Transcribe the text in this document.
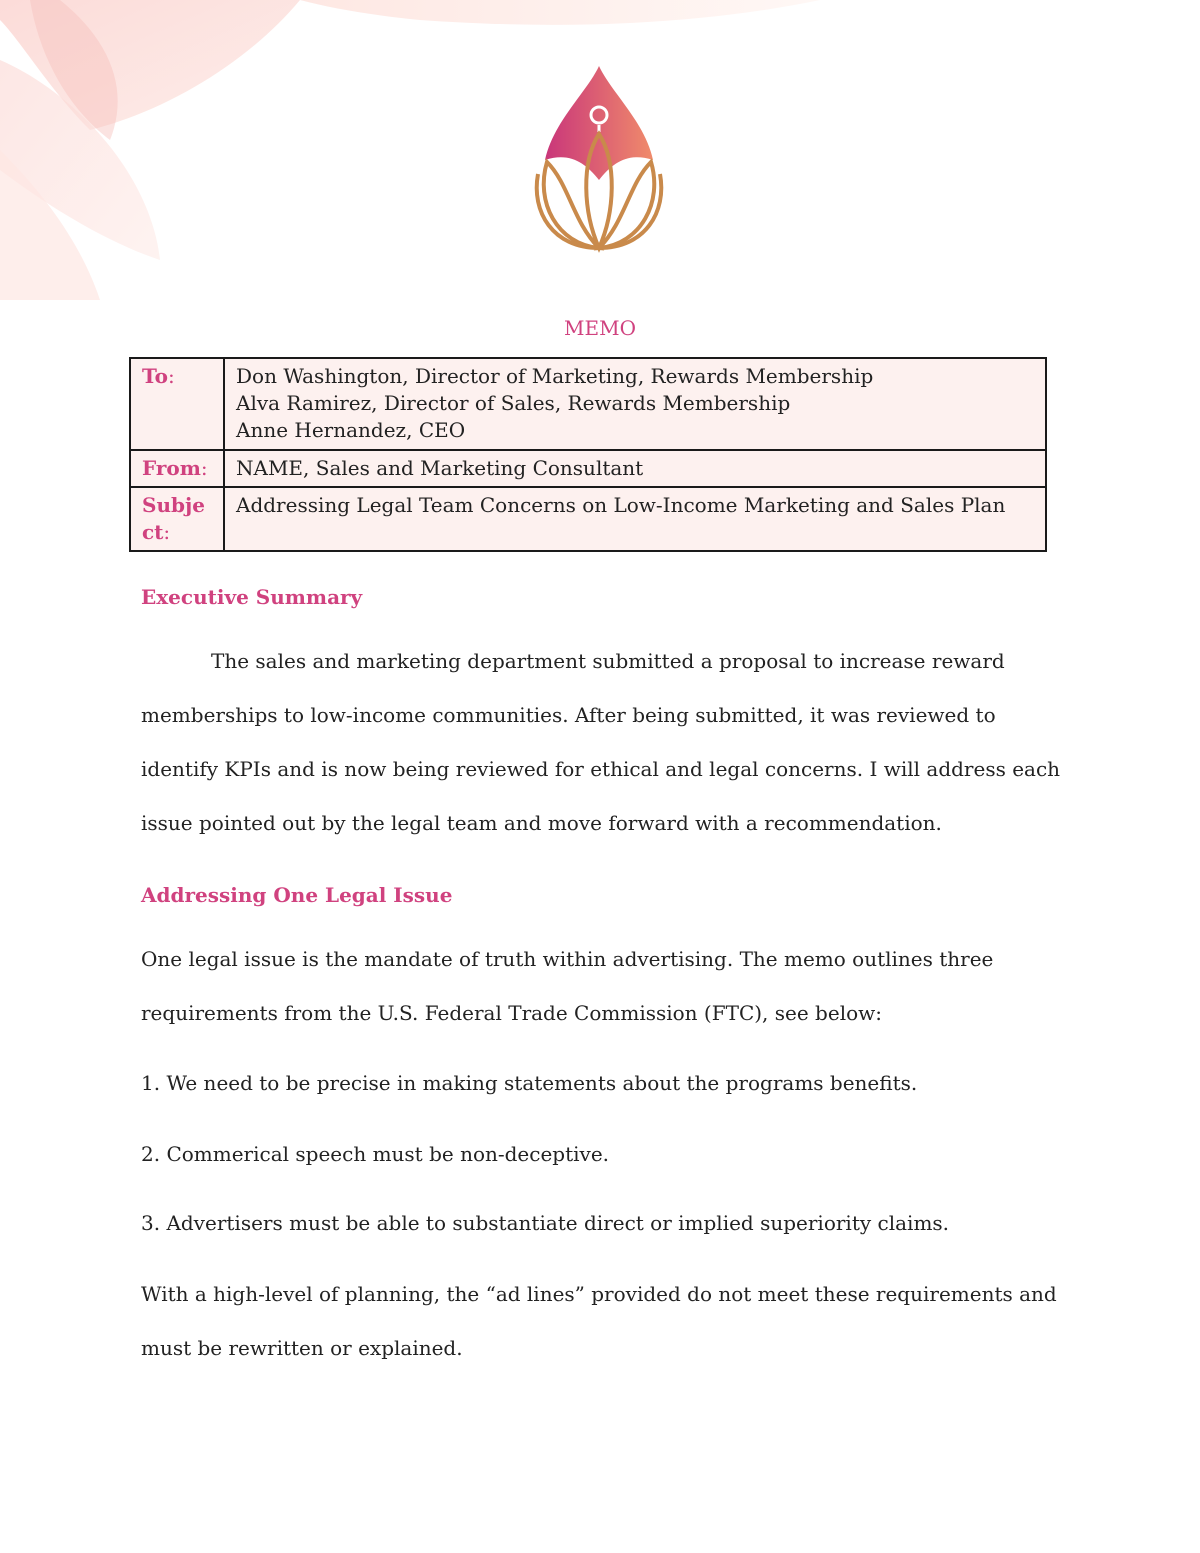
MEMO
To:	Don Washington, Director of Marketing, Rewards Membership
Alva Ramirez, Director of Sales, Rewards Membership
Anne Hernandez, CEO

From:	NAME, Sales and Marketing Consultant
Subject:	Addressing Legal Team Concerns on Low-Income Marketing and Sales Plan
Executive Summary
The sales and marketing department submitted a proposal to increase reward memberships to low-income communities. After being submitted, it was reviewed to identify KPIs and is now being reviewed for ethical and legal concerns. I will address each issue pointed out by the legal team and move forward with a recommendation.
Addressing One Legal Issue
One legal issue is the mandate of truth within advertising. The memo outlines three requirements from the U.S. Federal Trade Commission (FTC), see below:
1. We need to be precise in making statements about the programs benefits.
2. Commerical speech must be non-deceptive.
3. Advertisers must be able to substantiate direct or implied superiority claims.
With a high-level of planning, the “ad lines” provided do not meet these requirements and must be rewritten or explained.
